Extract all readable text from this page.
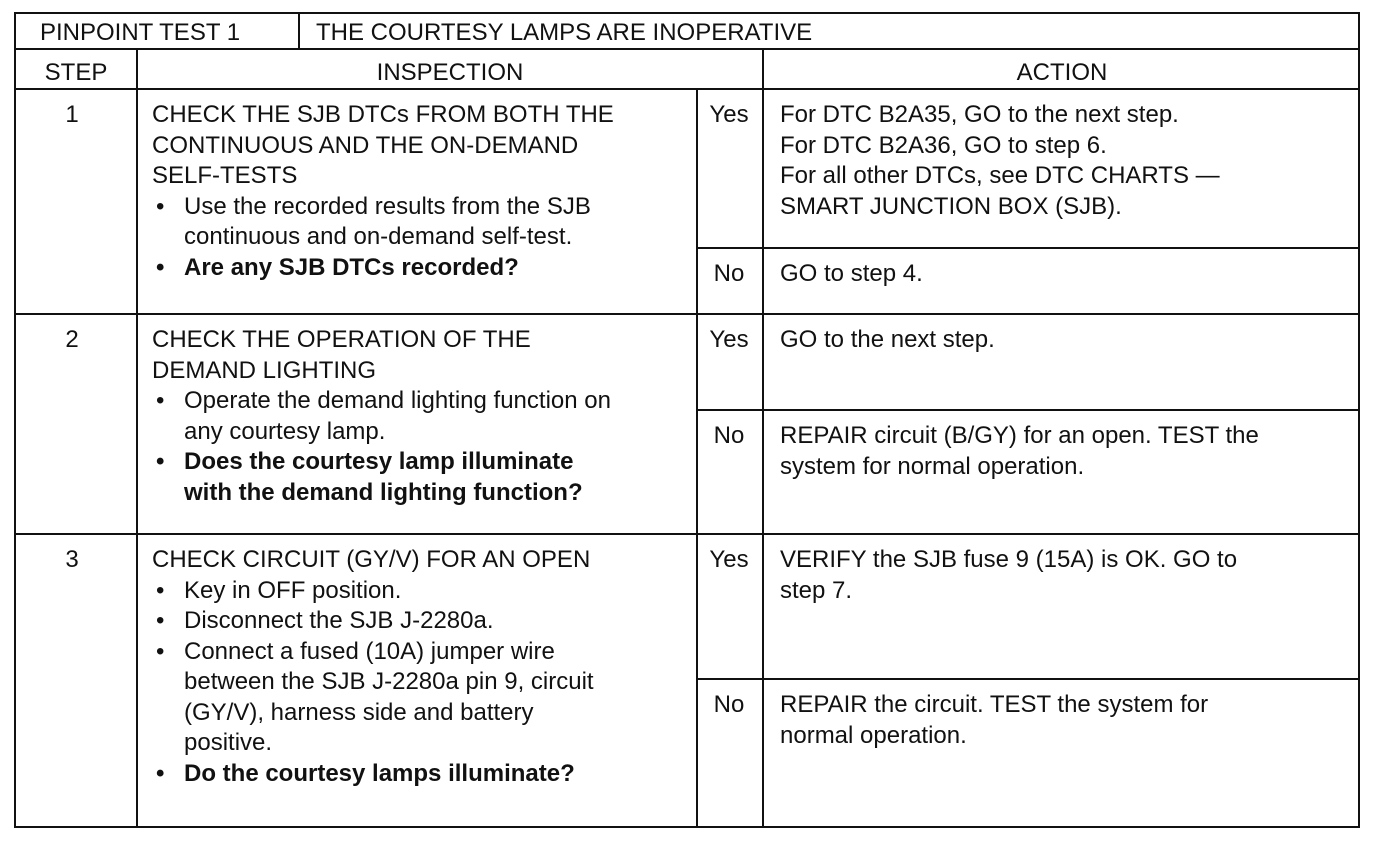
PINPOINT TEST 1	THE COURTESY LAMPS ARE INOPERATIVE
STEP	INSPECTION	ACTION
1	CHECK THE SJB DTCs FROM BOTH THE
CONTINUOUS AND THE ON-DEMAND
SELF-TESTS
• Use the recorded results from the SJB
continuous and on-demand self-test.
• Are any SJB DTCs recorded?
Yes	For DTC B2A35, GO to the next step.
For DTC B2A36, GO to step 6.
For all other DTCs, see DTC CHARTS —
SMART JUNCTION BOX (SJB).
No	GO to step 4.
2	CHECK THE OPERATION OF THE
DEMAND LIGHTING
• Operate the demand lighting function on
any courtesy lamp.
• Does the courtesy lamp illuminate
with the demand lighting function?
Yes	GO to the next step.
No	REPAIR circuit (B/GY) for an open. TEST the
system for normal operation.
3	CHECK CIRCUIT (GY/V) FOR AN OPEN
• Key in OFF position.
• Disconnect the SJB J-2280a.
• Connect a fused (10A) jumper wire
between the SJB J-2280a pin 9, circuit
(GY/V), harness side and battery
positive.
• Do the courtesy lamps illuminate?
Yes	VERIFY the SJB fuse 9 (15A) is OK. GO to
step 7.
No	REPAIR the circuit. TEST the system for
normal operation.
